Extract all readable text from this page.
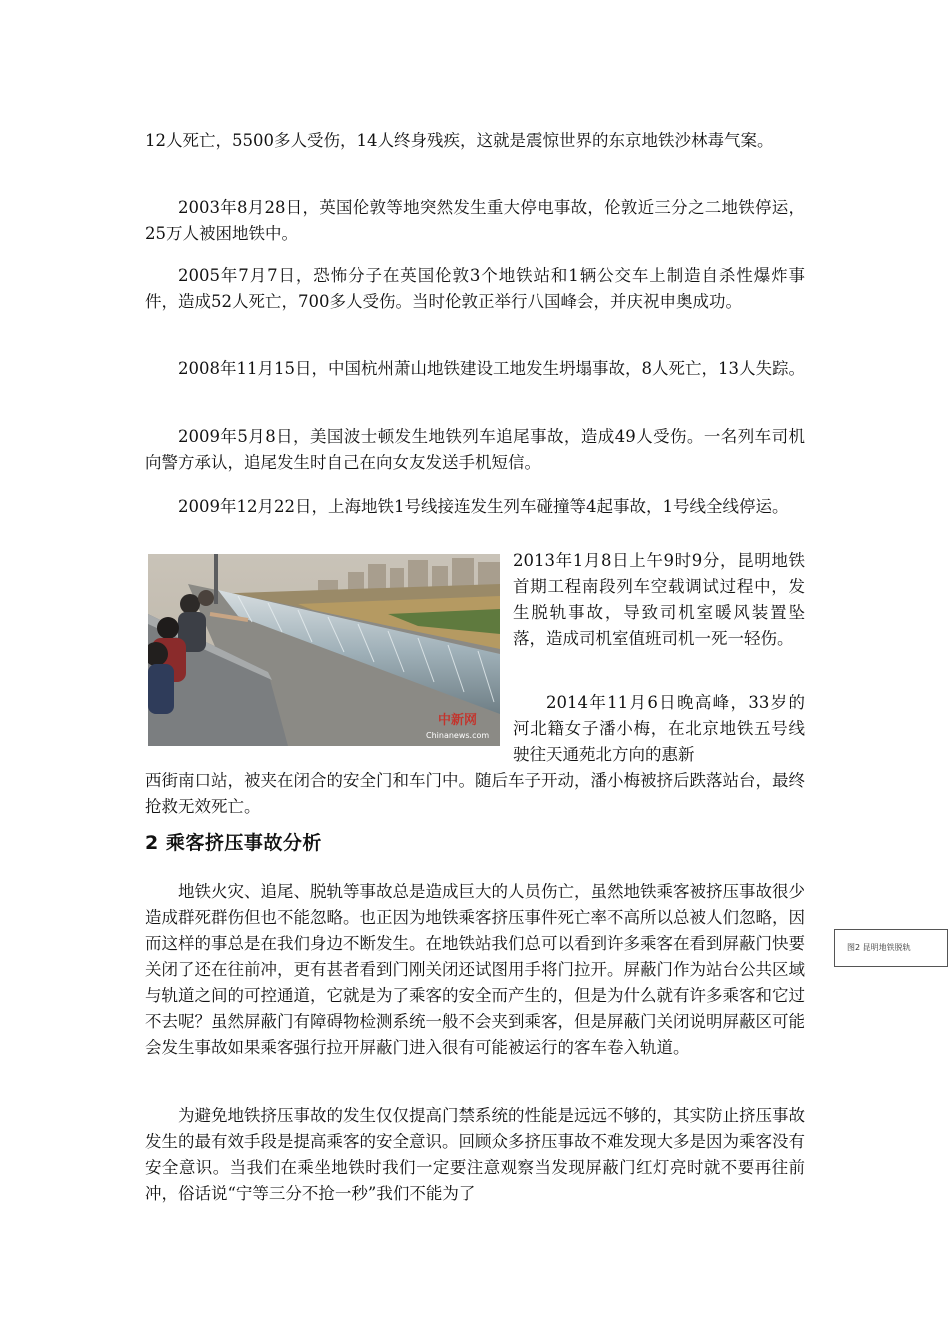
12人死亡，5500多人受伤，14人终身残疾，这就是震惊世界的东京地铁沙林毒气案。

2003年8月28日，英国伦敦等地突然发生重大停电事故，伦敦近三分之二地铁停运，25万人被困地铁中。

2005年7月7日，恐怖分子在英国伦敦3个地铁站和1辆公交车上制造自杀性爆炸事件，造成52人死亡，700多人受伤。当时伦敦正举行八国峰会，并庆祝申奥成功。

2008年11月15日，中国杭州萧山地铁建设工地发生坍塌事故，8人死亡，13人失踪。

2009年5月8日，美国波士顿发生地铁列车追尾事故，造成49人受伤。一名列车司机向警方承认，追尾发生时自己在向女友发送手机短信。

2009年12月22日，上海地铁1号线接连发生列车碰撞等4起事故，1号线全线停运。

中新网
Chinanews.com

2013年1月8日上午9时9分，昆明地铁首期工程南段列车空载调试过程中，发生脱轨事故，导致司机室暖风装置坠落，造成司机室值班司机一死一轻伤。

2014年11月6日晚高峰，33岁的河北籍女子潘小梅，在北京地铁五号线驶往天通苑北方向的惠新

西街南口站，被夹在闭合的安全门和车门中。随后车子开动，潘小梅被挤后跌落站台，最终抢救无效死亡。

2 乘客挤压事故分析

地铁火灾、追尾、脱轨等事故总是造成巨大的人员伤亡，虽然地铁乘客被挤压事故很少造成群死群伤但也不能忽略。也正因为地铁乘客挤压事件死亡率不高所以总被人们忽略，因而这样的事总是在我们身边不断发生。在地铁站我们总可以看到许多乘客在看到屏蔽门快要关闭了还在往前冲，更有甚者看到门刚关闭还试图用手将门拉开。屏蔽门作为站台公共区域与轨道之间的可控通道，它就是为了乘客的安全而产生的，但是为什么就有许多乘客和它过不去呢？虽然屏蔽门有障碍物检测系统一般不会夹到乘客，但是屏蔽门关闭说明屏蔽区可能会发生事故如果乘客强行拉开屏蔽门进入很有可能被运行的客车卷入轨道。

为避免地铁挤压事故的发生仅仅提高门禁系统的性能是远远不够的，其实防止挤压事故发生的最有效手段是提高乘客的安全意识。回顾众多挤压事故不难发现大多是因为乘客没有安全意识。当我们在乘坐地铁时我们一定要注意观察当发现屏蔽门红灯亮时就不要再往前冲，俗话说“宁等三分不抢一秒”我们不能为了

图2 昆明地铁脱轨
